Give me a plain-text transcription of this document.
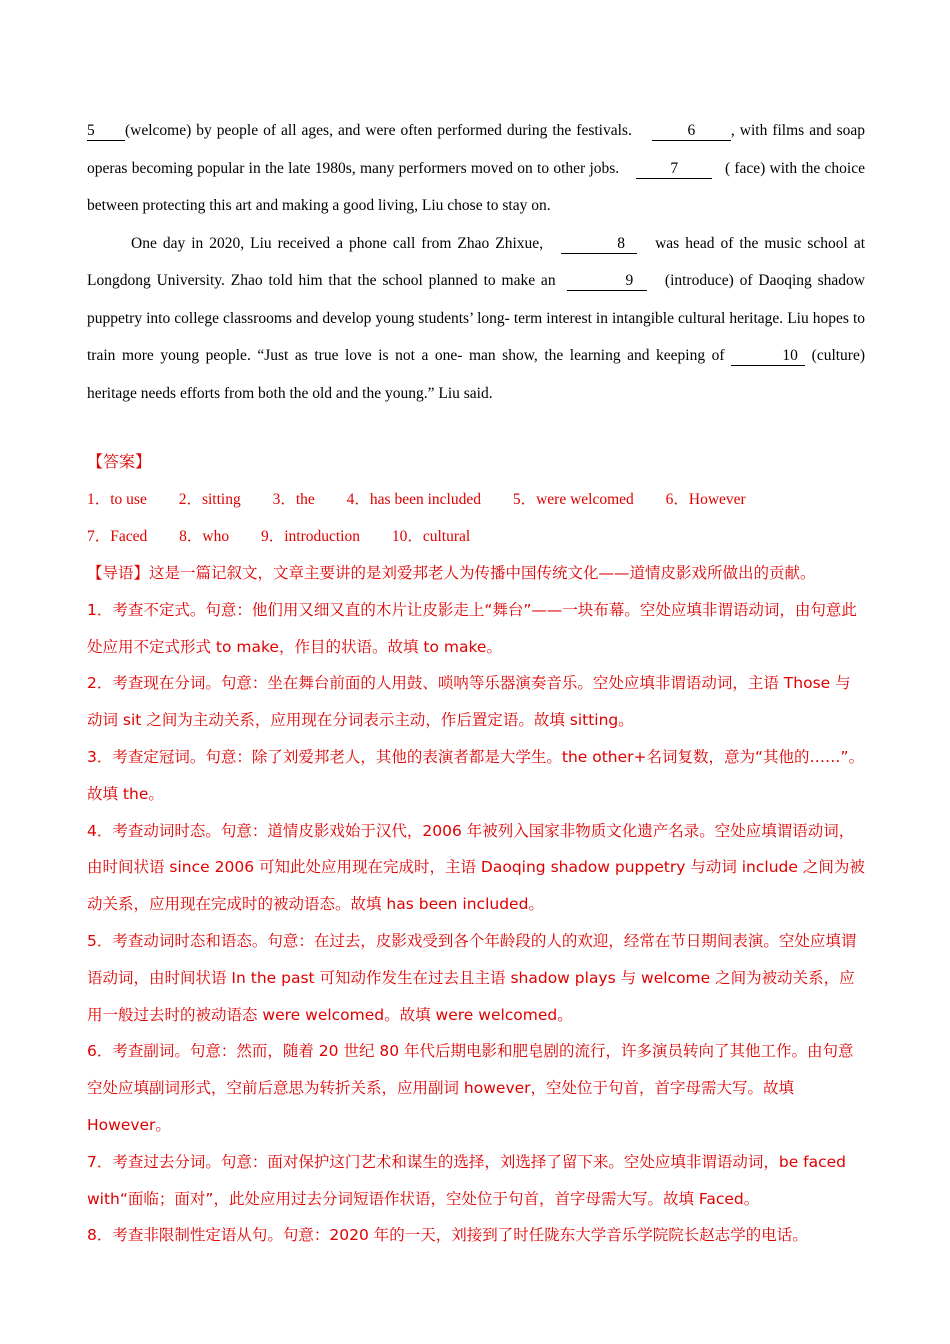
5 (welcome) by people of all ages, and were often performed during the festivals.	6 , with films and soap operas becoming popular in the late 1980s, many performers moved on to other jobs.	7	( face) with the choice between protecting this art and making a good living, Liu chose to stay on.

One day in 2020, Liu received a phone call from Zhao Zhixue,	8 was head of the music school at Longdong University. Zhao told him that the school planned to make an	9 (introduce) of Daoqing shadow puppetry into college classrooms and develop young students’ long- term interest in intangible cultural heritage. Liu hopes to train more young people. “Just as true love is not a one- man show, the learning and keeping of	10 (culture) heritage needs efforts from both the old and the young.” Liu said.

【答案】
1．to use 2．sitting 3．the 4．has been included 5．were welcomed 6．However 7．Faced 8．who 9．introduction 10．cultural

【导语】这是一篇记叙文，文章主要讲的是刘爱邦老人为传播中国传统文化——道情皮影戏所做出的贡献。

1．考查不定式。句意：他们用又细又直的木片让皮影走上“舞台”——一块布幕。空处应填非谓语动词，由句意此处应用不定式形式 to make，作目的状语。故填 to make。

2．考查现在分词。句意：坐在舞台前面的人用鼓、唢呐等乐器演奏音乐。空处应填非谓语动词，主语 Those 与动词 sit 之间为主动关系，应用现在分词表示主动，作后置定语。故填 sitting。

3．考查定冠词。句意：除了刘爱邦老人，其他的表演者都是大学生。the other+名词复数，意为“其他的……”。故填 the。

4．考查动词时态。句意：道情皮影戏始于汉代，2006 年被列入国家非物质文化遗产名录。空处应填谓语动词，由时间状语 since 2006 可知此处应用现在完成时，主语 Daoqing shadow puppetry 与动词 include 之间为被动关系，应用现在完成时的被动语态。故填 has been included。

5．考查动词时态和语态。句意：在过去，皮影戏受到各个年龄段的人的欢迎，经常在节日期间表演。空处应填谓语动词，由时间状语 In the past 可知动作发生在过去且主语 shadow plays 与 welcome 之间为被动关系，应用一般过去时的被动语态 were welcomed。故填 were welcomed。

6．考查副词。句意：然而，随着 20 世纪 80 年代后期电影和肥皂剧的流行，许多演员转向了其他工作。由句意空处应填副词形式，空前后意思为转折关系，应用副词 however，空处位于句首，首字母需大写。故填 However。

7．考查过去分词。句意：面对保护这门艺术和谋生的选择，刘选择了留下来。空处应填非谓语动词，be faced with“面临；面对”，此处应用过去分词短语作状语，空处位于句首，首字母需大写。故填 Faced。

8．考查非限制性定语从句。句意：2020 年的一天，刘接到了时任陇东大学音乐学院院长赵志学的电话。
